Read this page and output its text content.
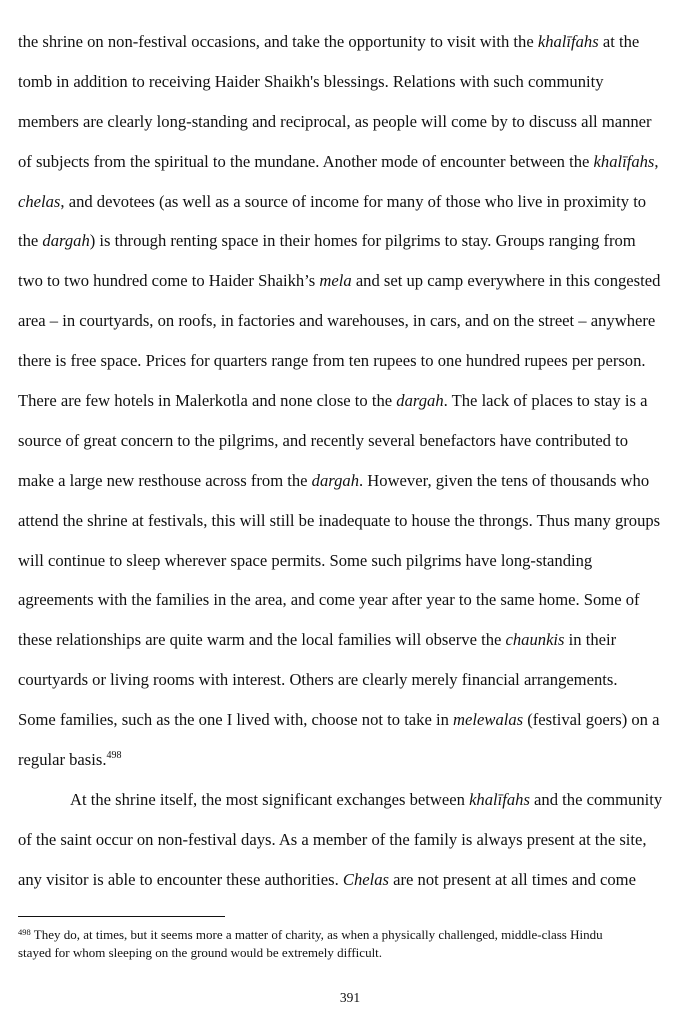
the shrine on non-festival occasions, and take the opportunity to visit with the khalīfahs at the
tomb in addition to receiving Haider Shaikh's blessings. Relations with such community
members are clearly long-standing and reciprocal, as people will come by to discuss all manner
of subjects from the spiritual to the mundane. Another mode of encounter between the khalīfahs,
chelas, and devotees (as well as a source of income for many of those who live in proximity to
the dargah) is through renting space in their homes for pilgrims to stay. Groups ranging from
two to two hundred come to Haider Shaikh’s mela and set up camp everywhere in this congested
area – in courtyards, on roofs, in factories and warehouses, in cars, and on the street – anywhere
there is free space. Prices for quarters range from ten rupees to one hundred rupees per person.
There are few hotels in Malerkotla and none close to the dargah. The lack of places to stay is a
source of great concern to the pilgrims, and recently several benefactors have contributed to
make a large new resthouse across from the dargah. However, given the tens of thousands who
attend the shrine at festivals, this will still be inadequate to house the throngs. Thus many groups
will continue to sleep wherever space permits. Some such pilgrims have long-standing
agreements with the families in the area, and come year after year to the same home. Some of
these relationships are quite warm and the local families will observe the chaunkis in their
courtyards or living rooms with interest. Others are clearly merely financial arrangements.
Some families, such as the one I lived with, choose not to take in melewalas (festival goers) on a
regular basis.$^{498}$
At the shrine itself, the most significant exchanges between khalīfahs and the community
of the saint occur on non-festival days. As a member of the family is always present at the site,
any visitor is able to encounter these authorities. Chelas are not present at all times and come
$^{498}$ They do, at times, but it seems more a matter of charity, as when a physically challenged, middle-class Hindu
stayed for whom sleeping on the ground would be extremely difficult.
391
